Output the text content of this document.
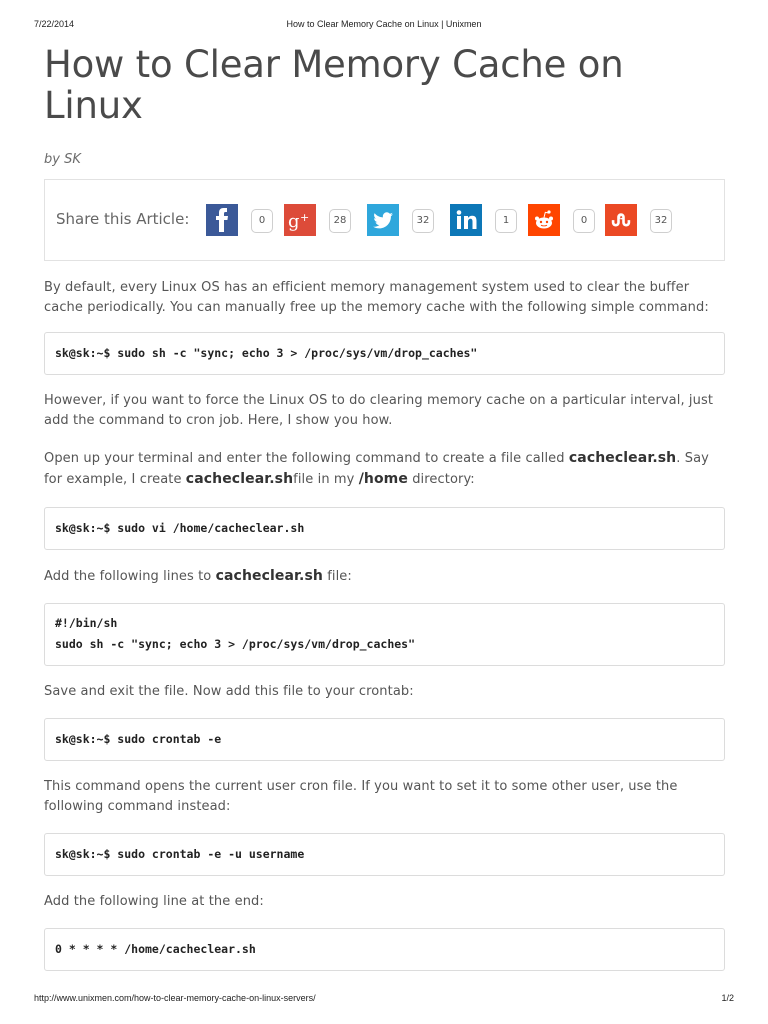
7/22/2014	How to Clear Memory Cache on Linux | Unixmen
How to Clear Memory Cache on Linux
by SK
Share this Article:	0	g +	28	32	1	0	32

By default, every Linux OS has an efficient memory management system used to clear the buffer cache periodically. You can manually free up the memory cache with the following simple command:

sk@sk:~$ sudo sh -c "sync; echo 3 > /proc/sys/vm/drop_caches"

However, if you want to force the Linux OS to do clearing memory cache on a particular interval, just add the command to cron job. Here, I show you how.

Open up your terminal and enter the following command to create a file called cacheclear.sh. Say for example, I create cacheclear.shfile in my /home directory:

sk@sk:~$ sudo vi /home/cacheclear.sh

Add the following lines to cacheclear.sh file:

#!/bin/sh
sudo sh -c "sync; echo 3 > /proc/sys/vm/drop_caches"

Save and exit the file. Now add this file to your crontab:

sk@sk:~$ sudo crontab -e

This command opens the current user cron file. If you want to set it to some other user, use the following command instead:

sk@sk:~$ sudo crontab -e -u username

Add the following line at the end:

0 * * * * /home/cacheclear.sh
http://www.unixmen.com/how-to-clear-memory-cache-on-linux-servers/	1/2
